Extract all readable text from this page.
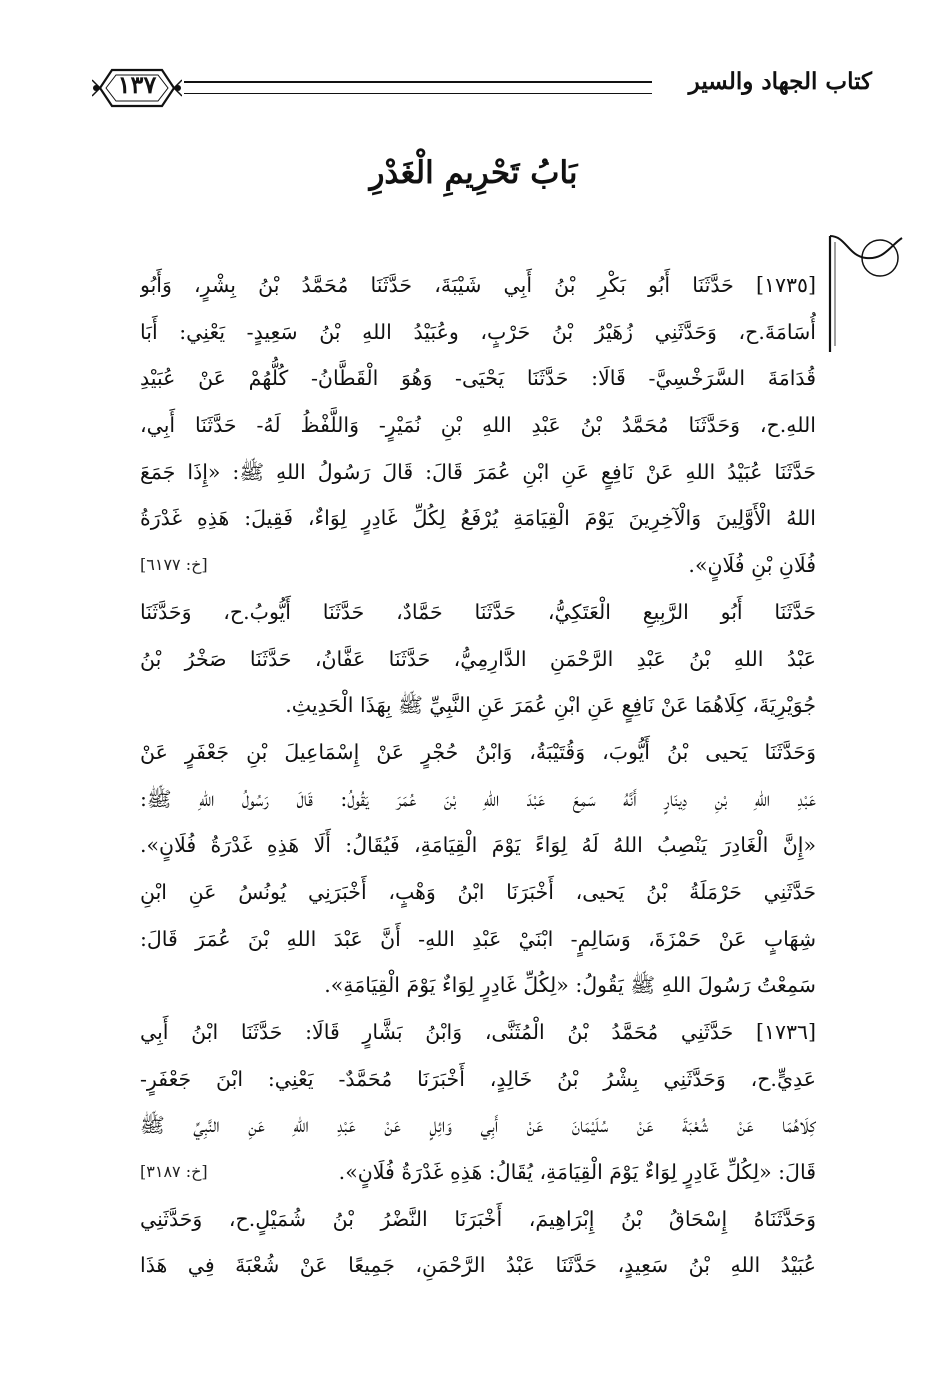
كتاب الجهاد والسير
١٣٧
بَابُ تَحْرِيمِ الْغَدْرِ
[١٧٣٥] حَدَّثَنَا أَبُو بَكْرِ بْنُ أَبِي شَيْبَةَ، حَدَّثَنَا مُحَمَّدُ بْنُ بِشْرٍ، وَأَبُو
أُسَامَةَ.ح، وَحَدَّثَنِي زُهَيْرُ بْنُ حَرْبٍ، وعُبَيْدُ اللهِ بْنُ سَعِيدٍ- يَعْنِي: أَبَا
قُدَامَةَ السَّرَخْسِيَّ- قَالَا: حَدَّثَنَا يَحْيَى- وَهُوَ الْقَطَّانُ- كُلُّهُمْ عَنْ عُبَيْدِ
اللهِ.ح، وَحَدَّثَنَا مُحَمَّدُ بْنُ عَبْدِ اللهِ بْنِ نُمَيْرٍ- وَاللَّفْظُ لَهُ- حَدَّثَنَا أَبِي،
حَدَّثَنَا عُبَيْدُ اللهِ عَنْ نَافِعٍ عَنِ ابْنِ عُمَرَ قَالَ: قَالَ رَسُولُ اللهِ ﷺ: «إِذَا جَمَعَ
اللهُ الْأَوَّلِينَ وَالْآخِرِينَ يَوْمَ الْقِيَامَةِ يُرْفَعُ لِكُلِّ غَادِرٍ لِوَاءٌ، فَقِيلَ: هَذِهِ غَدْرَةُ
فُلَانِ بْنِ فُلَانٍ».
[خ: ٦١٧٧]
حَدَّثَنَا أَبُو الرَّبِيعِ الْعَتَكِيُّ، حَدَّثَنَا حَمَّادٌ، حَدَّثَنَا أَيُّوبُ.ح، وَحَدَّثَنَا
عَبْدُ اللهِ بْنُ عَبْدِ الرَّحْمَنِ الدَّارِمِيُّ، حَدَّثَنَا عَفَّانُ، حَدَّثَنَا صَخْرُ بْنُ
جُوَيْرِيَةَ، كِلَاهُمَا عَنْ نَافِعٍ عَنِ ابْنِ عُمَرَ عَنِ النَّبِيِّ ﷺ بِهَذَا الْحَدِيثِ.
وَحَدَّثَنَا يَحيى بْنُ أَيُّوبَ، وَقُتَيْبَةُ، وَابْنُ حُجْرٍ عَنْ إِسْمَاعِيلَ بْنِ جَعْفَرٍ عَنْ
عَبْدِ اللهِ بْنِ دِينَارٍ أَنَّهُ سَمِعَ عَبْدَ اللهِ بْنَ عُمَرَ يَقُولُ: قَالَ رَسُولُ اللهِ ﷺ:
«إِنَّ الْغَادِرَ يَنْصِبُ اللهُ لَهُ لِوَاءً يَوْمَ الْقِيَامَةِ، فَيُقَالُ: أَلَا هَذِهِ غَدْرَةُ فُلَانٍ».
حَدَّثَنِي حَرْمَلَةُ بْنُ يَحيى، أَخْبَرَنَا ابْنُ وَهْبٍ، أَخْبَرَنِي يُونُسُ عَنِ ابْنِ
شِهَابٍ عَنْ حَمْزَةَ، وَسَالِمٍ- ابْنَيْ عَبْدِ اللهِ- أَنَّ عَبْدَ اللهِ بْنَ عُمَرَ قَالَ:
سَمِعْتُ رَسُولَ اللهِ ﷺ يَقُولُ: «لِكُلِّ غَادِرٍ لِوَاءٌ يَوْمَ الْقِيَامَةِ».
[١٧٣٦] حَدَّثَنِي مُحَمَّدُ بْنُ الْمُثَنَّى، وَابْنُ بَشَّارٍ قَالَا: حَدَّثَنَا ابْنُ أَبِي
عَدِيٍّ.ح، وَحَدَّثَنِي بِشْرُ بْنُ خَالِدٍ، أَخْبَرَنَا مُحَمَّدٌ- يَعْنِي: ابْنَ جَعْفَرٍ-
كِلَاهُمَا عَنْ شُعْبَةَ عَنْ سُلَيْمَانَ عَنْ أَبِي وَائِلٍ عَنْ عَبْدِ اللهِ عَنِ النَّبِيِّ ﷺ
قَالَ: «لِكُلِّ غَادِرٍ لِوَاءٌ يَوْمَ الْقِيَامَةِ، يُقَالُ: هَذِهِ غَدْرَةُ فُلَانٍ».
[خ: ٣١٨٧]
وَحَدَّثَنَاهُ إِسْحَاقُ بْنُ إِبْرَاهِيمَ، أَخْبَرَنَا النَّضْرُ بْنُ شُمَيْلٍ.ح، وَحَدَّثَنِي
عُبَيْدُ اللهِ بْنُ سَعِيدٍ، حَدَّثَنَا عَبْدُ الرَّحْمَنِ، جَمِيعًا عَنْ شُعْبَةَ فِي هَذَا
